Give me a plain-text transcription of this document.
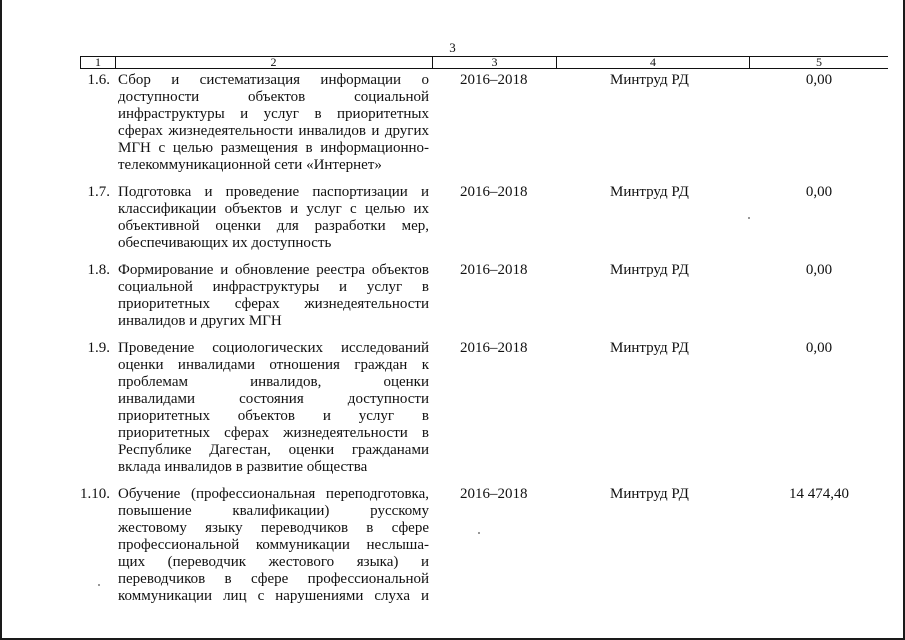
3
1	2	3	4	5
1.6. Сбор и систематизация информации о
доступности объектов социальной
инфраструктуры и услуг в приоритетных
сферах жизнедеятельности инвалидов и других
МГН с целью размещения в информационно-
телекоммуникационной сети «Интернет»
2016–2018	Минтруд РД	0,00
1.7. Подготовка и проведение паспортизации и
классификации объектов и услуг с целью их
объективной оценки для разработки мер,
обеспечивающих их доступность
2016–2018	Минтруд РД	0,00
1.8. Формирование и обновление реестра объектов
социальной инфраструктуры и услуг в
приоритетных сферах жизнедеятельности
инвалидов и других МГН
2016–2018	Минтруд РД	0,00
1.9. Проведение социологических исследований
оценки инвалидами отношения граждан к
проблемам инвалидов, оценки
инвалидами состояния доступности
приоритетных объектов и услуг в
приоритетных сферах жизнедеятельности в
Республике Дагестан, оценки гражданами
вклада инвалидов в развитие общества
2016–2018	Минтруд РД	0,00
1.10. Обучение (профессиональная переподготовка,
повышение квалификации) русскому
жестовому языку переводчиков в сфере
профессиональной коммуникации неслыша-
щих (переводчик жестового языка) и
переводчиков в сфере профессиональной
коммуникации лиц с нарушениями слуха и
2016–2018	Минтруд РД	14 474,40
